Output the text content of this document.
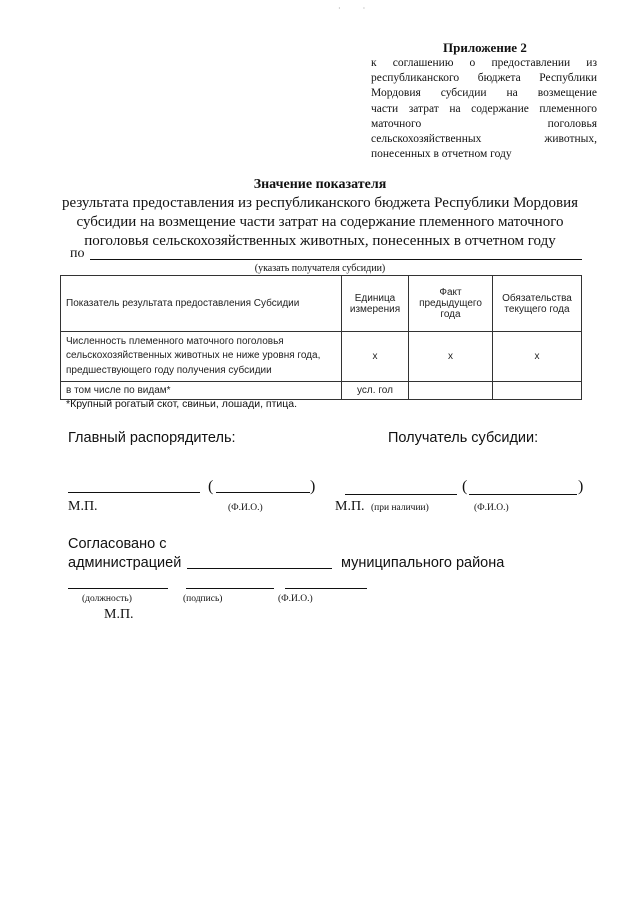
· ·
Приложение 2
к соглашению о предоставлении из
республиканского бюджета Республики
Мордовия субсидии на возмещение
части затрат на содержание племенного
маточного поголовья
сельскохозяйственных животных,
понесенных в отчетном году
Значение показателя
результата предоставления из республиканского бюджета Республики Мордовия
субсидии на возмещение части затрат на содержание племенного маточного
поголовья сельскохозяйственных животных, понесенных в отчетном году
по
(указать получателя субсидии)
Показатель результата предоставления Субсидии	Единица измерения	Факт предыдущего года	Обязательства текущего года
Численность племенного маточного поголовья сельскохозяйственных животных не ниже уровня года, предшествующего году получения субсидии	х	х	х
в том числе по видам*	усл. гол		
*Крупный рогатый скот, свиньи, лошади, птица.
Главный распорядитель:	Получатель субсидии:
(	)
М.П.	(Ф.И.О.)
(	)
М.П. (при наличии)	(Ф.И.О.)
Согласовано с
администрацией	муниципального района
(должность)	(подпись)	(Ф.И.О.)
М.П.
